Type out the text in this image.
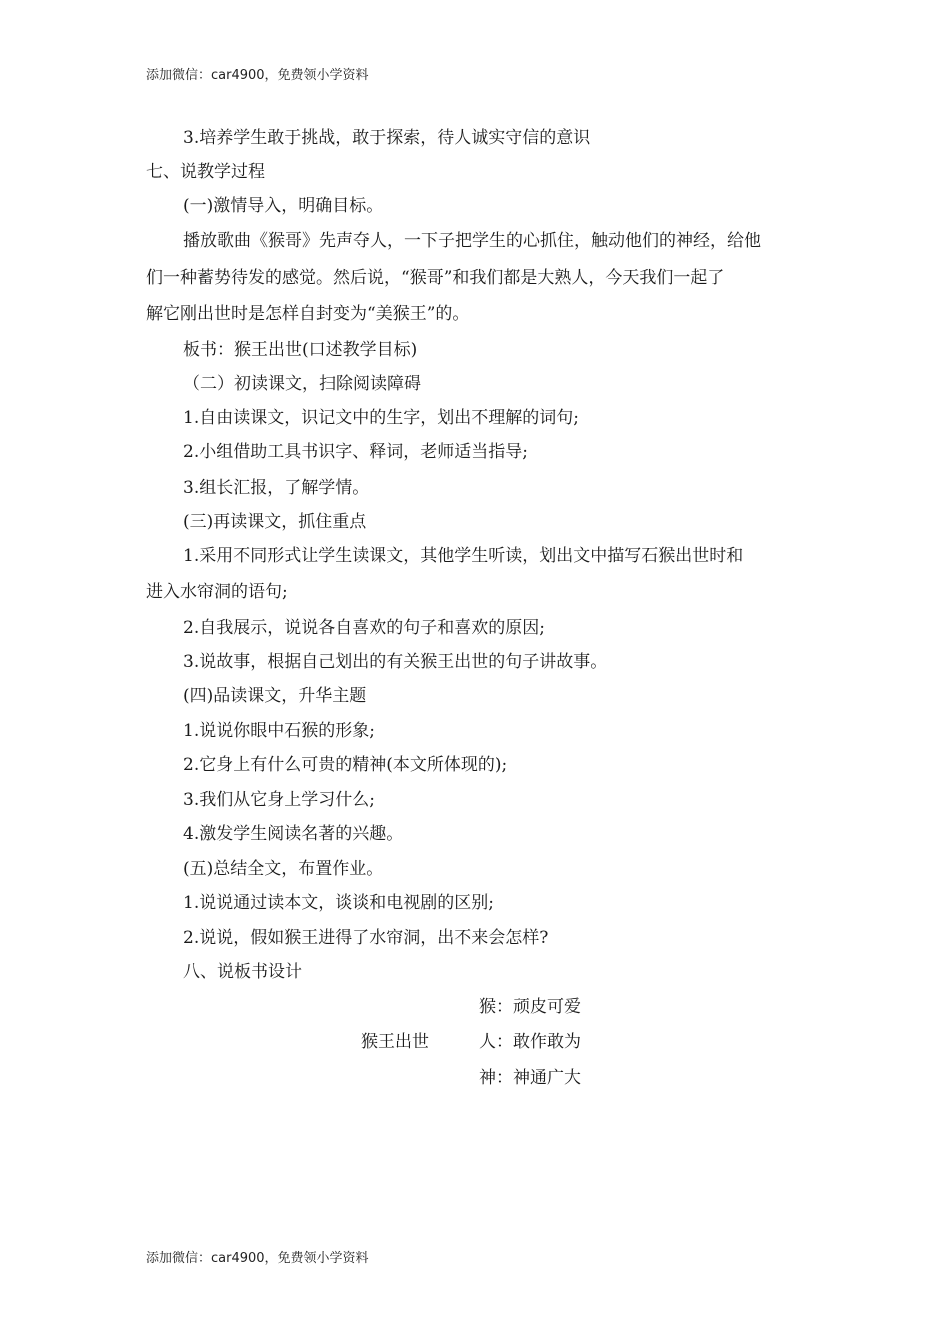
添加微信：car4900，免费领小学资料
3.培养学生敢于挑战，敢于探索，待人诚实守信的意识
七、说教学过程
(一)激情导入，明确目标。
播放歌曲《猴哥》先声夺人，一下子把学生的心抓住，触动他们的神经，给他
们一种蓄势待发的感觉。然后说，“猴哥”和我们都是大熟人，今天我们一起了
解它刚出世时是怎样自封变为“美猴王”的。
板书：猴王出世(口述教学目标)
（二）初读课文，扫除阅读障碍
1.自由读课文，识记文中的生字，划出不理解的词句;
2.小组借助工具书识字、释词，老师适当指导;
3.组长汇报，了解学情。
(三)再读课文，抓住重点
1.采用不同形式让学生读课文，其他学生听读，划出文中描写石猴出世时和
进入水帘洞的语句;
2.自我展示，说说各自喜欢的句子和喜欢的原因;
3.说故事，根据自己划出的有关猴王出世的句子讲故事。
(四)品读课文，升华主题
1.说说你眼中石猴的形象;
2.它身上有什么可贵的精神(本文所体现的);
3.我们从它身上学习什么;
4.激发学生阅读名著的兴趣。
(五)总结全文，布置作业。
1.说说通过读本文，谈谈和电视剧的区别;
2.说说，假如猴王进得了水帘洞，出不来会怎样?
八、说板书设计
猴：顽皮可爱
猴王出世	人：敢作敢为
神：神通广大
添加微信：car4900，免费领小学资料
